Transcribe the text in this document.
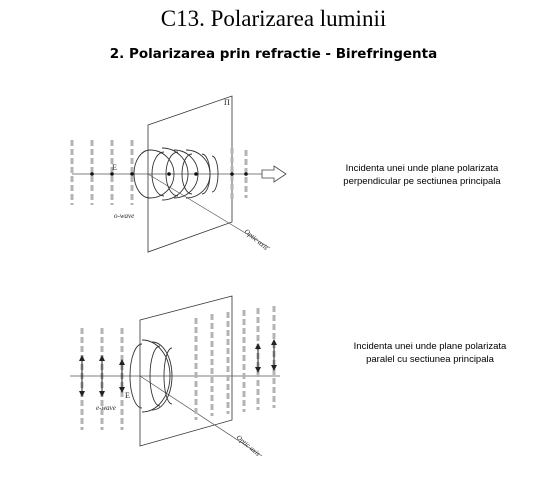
C13. Polarizarea luminii
2. Polarizarea prin refractie - Birefringenta
Incidenta unei unde plane polarizata
perpendicular pe sectiunea principala
Incidenta unei unde plane polarizata
paralel cu sectiunea principala
Π
Optic axis
E
o-wave
Optic axis
E
e-wave
